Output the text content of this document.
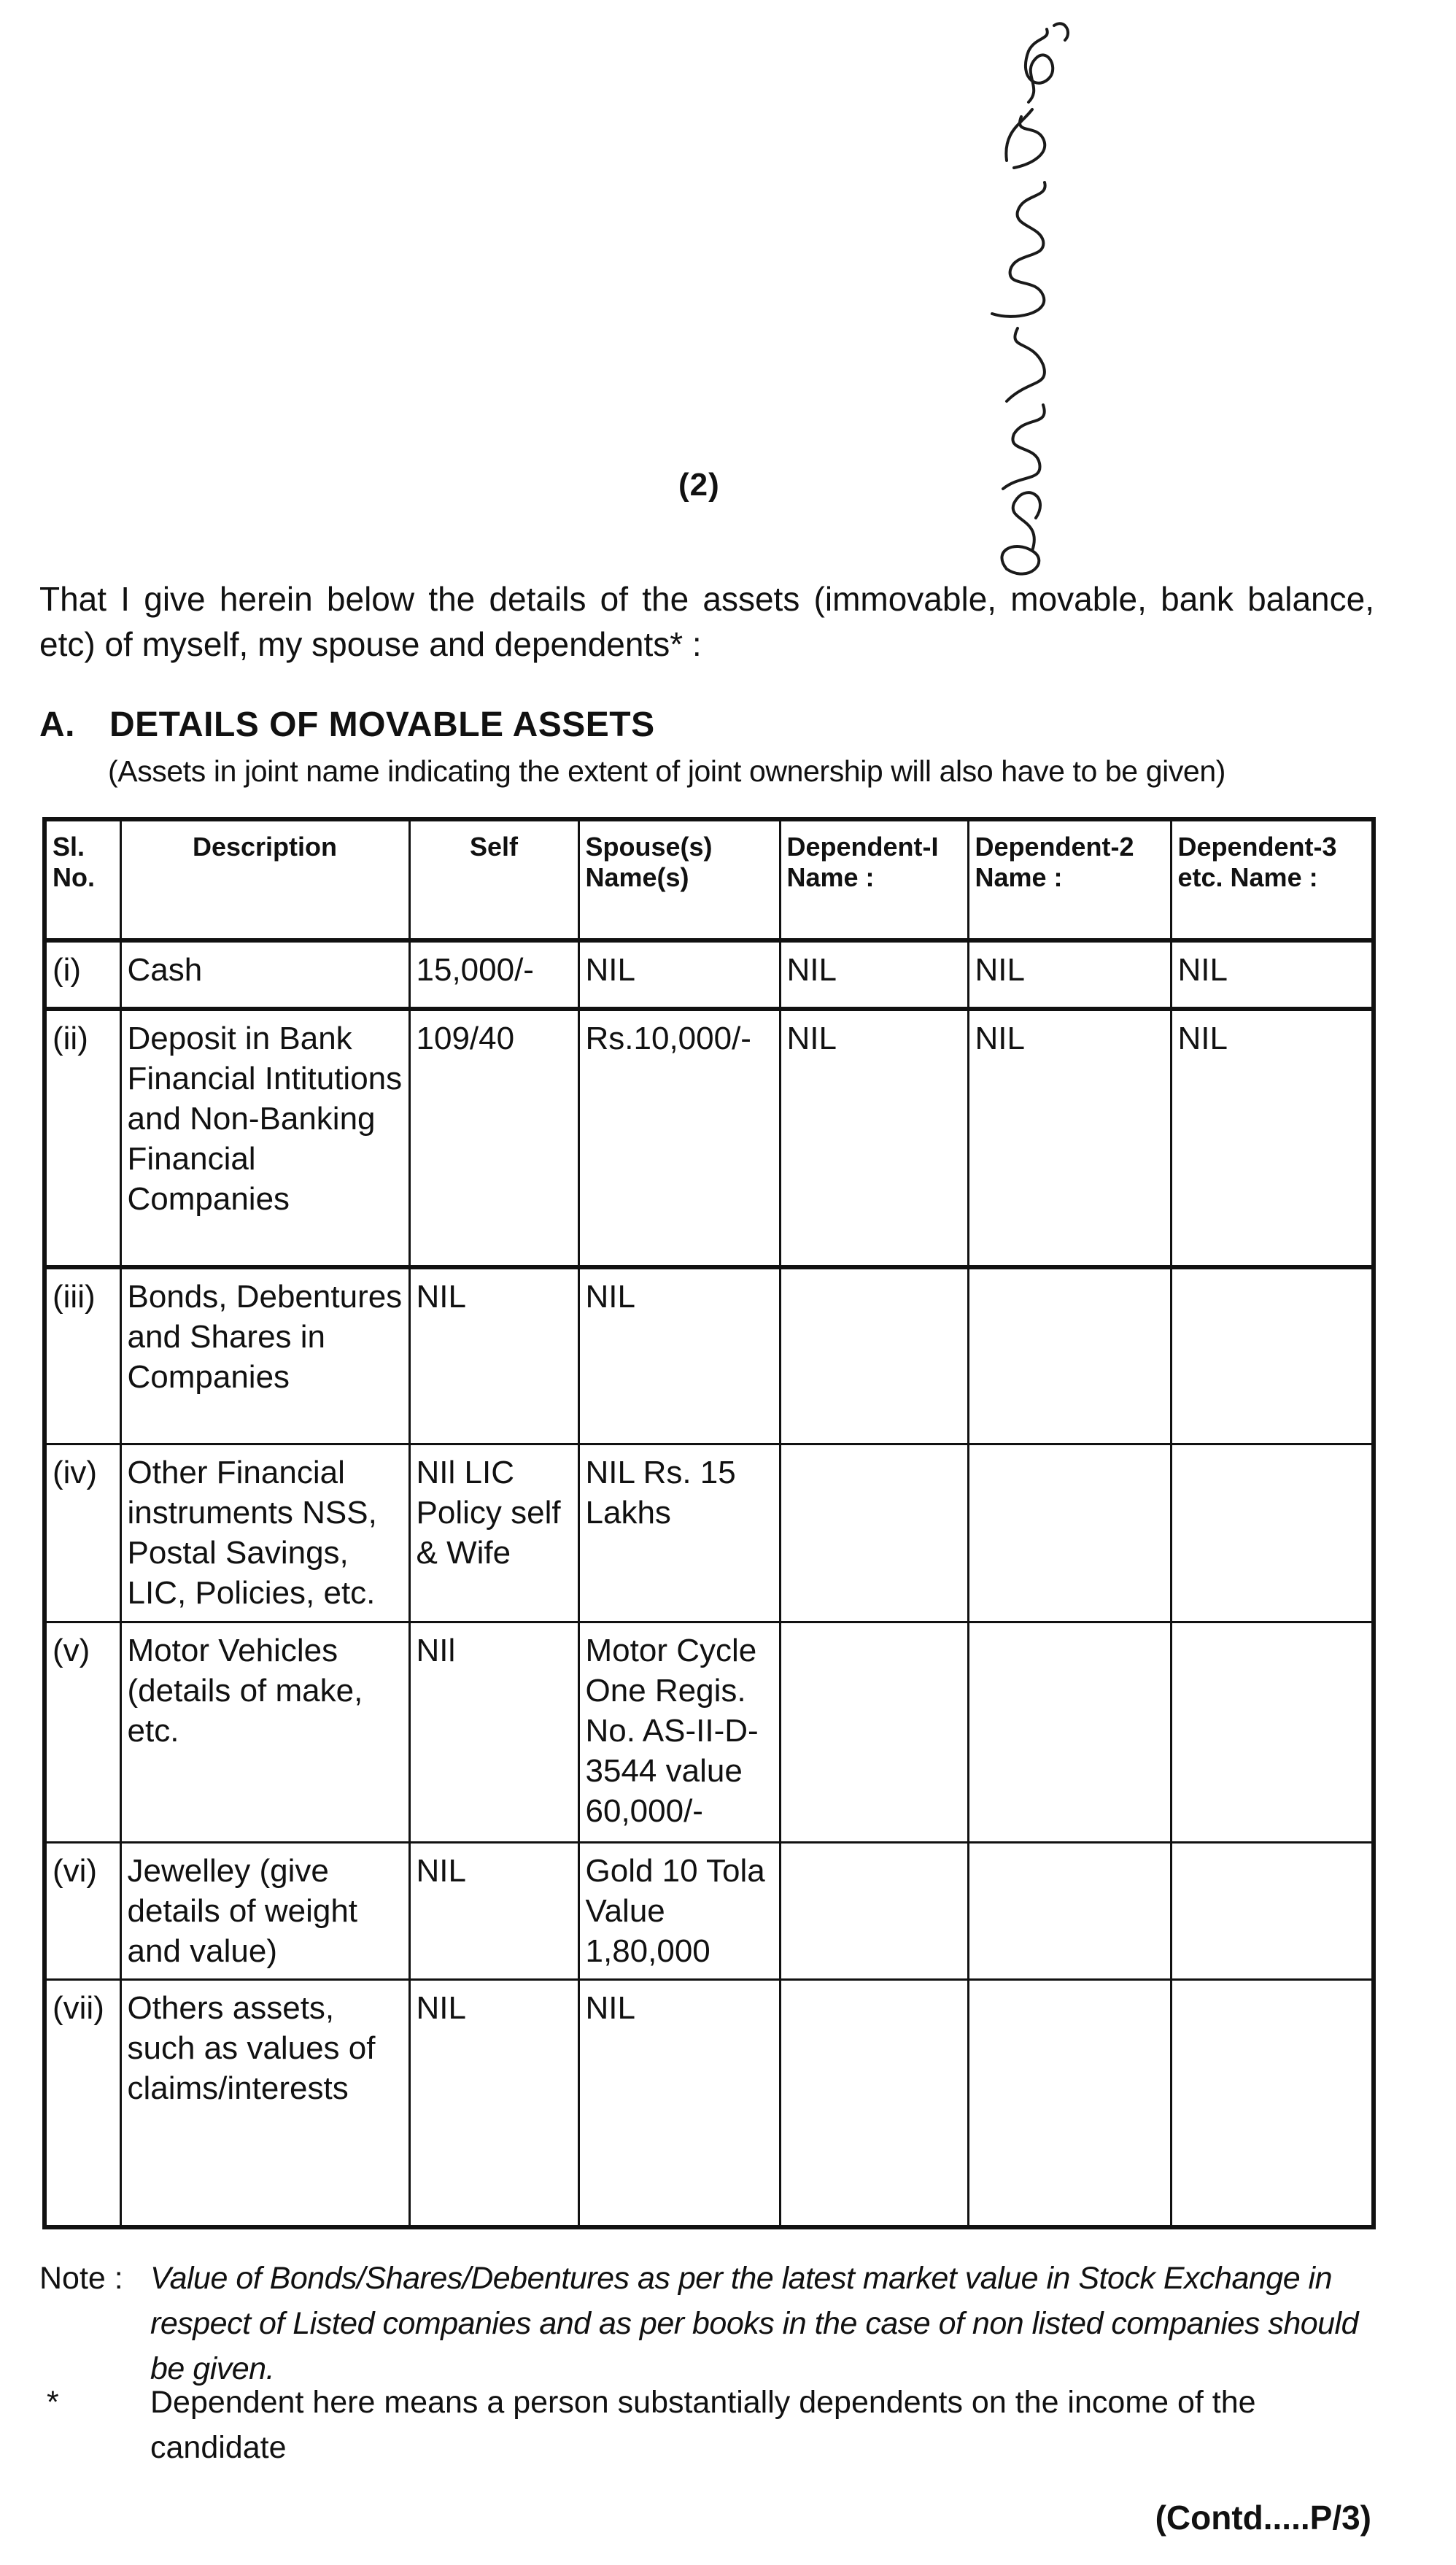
(2)
That I give herein below the details of the assets (immovable, movable, bank balance, etc) of myself, my spouse and dependents* :
A. DETAILS OF MOVABLE ASSETS
(Assets in joint name indicating the extent of joint ownership will also have to be given)
Sl. No.	Description	Self	Spouse(s) Name(s)	Dependent-I Name :	Dependent-2 Name :	Dependent-3 etc. Name :
(i)	Cash	15,000/-	NIL	NIL	NIL	NIL
(ii)	Deposit in Bank Financial Intitutions and Non-Banking Financial Companies	109/40	Rs.10,000/-	NIL	NIL	NIL
(iii)	Bonds, Debentures and Shares in Companies	NIL	NIL			
(iv)	Other Financial instruments NSS, Postal Savings, LIC, Policies, etc.	NIl LIC Policy self & Wife	NIL Rs. 15 Lakhs			
(v)	Motor Vehicles (details of make, etc.	NIl	Motor Cycle One Regis. No. AS-II-D-3544 value 60,000/-			
(vi)	Jewelley (give details of weight and value)	NIL	Gold 10 Tola Value 1,80,000			
(vii)	Others assets, such as values of claims/interests	NIL	NIL			
Note : Value of Bonds/Shares/Debentures as per the latest market value in Stock Exchange in respect of Listed companies and as per books in the case of non listed companies should be given.
*	Dependent here means a person substantially dependents on the income of the candidate
(Contd.....P/3)
